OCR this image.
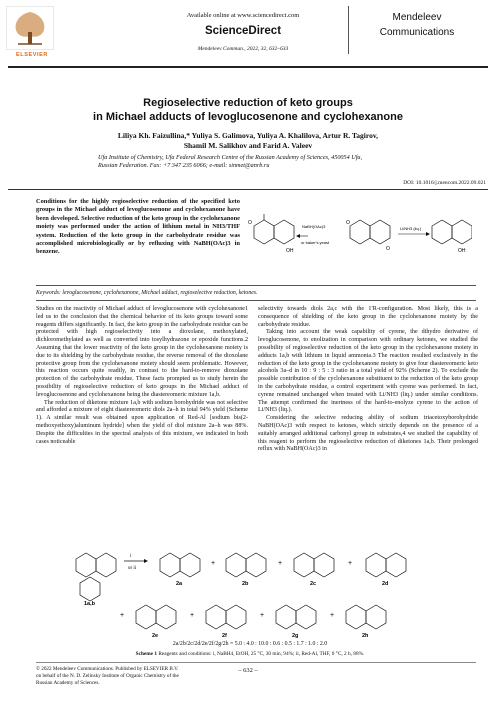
ELSEVIER
Available online at www.sciencedirect.com
ScienceDirect
Mendeleev Commun., 2022, 32, 632–633
Mendeleev
Communications
Regioselective reduction of keto groups
in Michael adducts of levoglucosenone and cyclohexanone
Liliya Kh. Faizullina,* Yuliya S. Galimova, Yuliya A. Khalilova, Artur R. Tagirov,
Shamil M. Salikhov and Farid A. Valeev
Ufa Institute of Chemistry, Ufa Federal Research Centre of the Russian Academy of Sciences, 450054 Ufa,
Russian Federation. Fax: +7 347 235 6066; e-mail: sinmet@anrb.ru
DOI: 10.1016/j.mencom.2022.09.021
Conditions for the highly regioselective reduction of the specified keto groups in the Michael adduct of levoglucosenone and cyclohexanone have been developed. Selective reduction of the keto group in the cyclohexanone moiety was performed under the action of lithium metal in NH3/THF system. Reduction of the keto group in the carbohydrate residue was accomplished microbiologically or by refluxing with NaBH(OAc)3 in benzene.
O
OH
NaBH(OAc)3
or baker's yeast
O
O
Li/NH3 (liq.)
OH
Keywords: levoglucosenone, cyclohexanone, Michael adduct, regioselective reduction, ketones.

Studies on the reactivity of Michael adduct of levoglucosenone with cyclohexanone1 led us to the conclusion that the chemical behavior of its keto groups toward some reagents differs significantly. In fact, the keto group in the carbohydrate residue can be protected with high regioselectivity into a dioxolane, methoxylated, dichloromethylated as well as converted into tosylhydrazone or epoxide functions.2 Assuming that the lower reactivity of the keto group in the cyclohexanone moiety is due to its shielding by the carbohydrate residue, the reverse removal of the dioxolane protective group from the cyclohexanone moiety should seem problematic. However, this reaction occurs quite readily, in contrast to the hard-to-remove dioxolane protection of the carbohydrate residue. These facts prompted us to study herein the possibility of regioselective reduction of keto groups in the Michael adduct of levoglucosenone and cyclohexanone being the diastereomeric mixture 1a,b.

The reduction of diketone mixture 1a,b with sodium borohydride was not selective and afforded a mixture of eight diastereomeric diols 2a–h in total 94% yield (Scheme 1). A similar result was obtained upon application of Red-Al [sodium bis(2-methoxyethoxy)aluminum hydride] when the yield of diol mixture 2a–h was 88%. Despite the difficulties in the spectral analysis of this mixture, we indicated in both cases noticeable

selectivity towards diols 2a,c with the 1′R-configuration. Most likely, this is a consequence of shielding of the keto group in the cyclohexanone moiety by the carbohydrate residue.

Taking into account the weak capability of cyrene, the dihydro derivative of levoglucosenone, to enolization in comparison with ordinary ketones, we studied the possibility of regioselective reduction of the keto group in the cyclohexanone moiety in adducts 1a,b with lithium in liquid ammonia.3 The reaction resulted exclusively in the reduction of the keto group in the cyclohexanone moiety to give four diastereomeric keto alcohols 3a–d in 10 : 9 : 5 : 3 ratio in a total yield of 92% (Scheme 2). To exclude the possible contribution of the cyclohexanone substituent to the reduction of the keto group in the carbohydrate residue, a control experiment with cyrene was performed. In fact, cyrene remained unchanged when treated with Li/NH3 (liq.) under similar conditions. The attempt confirmed the inertness of the hard-to-enolyze cyrene to the action of Li/NH3 (liq.).

Considering the selective reducing ability of sodium triacetoxyborohydride NaBH(OAc)3 with respect to ketones, which strictly depends on the presence of a suitably arranged additional carbonyl group in substrates,4 we studied the capability of this reagent to perform the regioselective reduction of diketones 1a,b. Their prolonged reflux with NaBH(OAc)3 in

i
or ii
+	+	+
+	+	+	+
1a,b
2a	2b	2c	2d
2e	2f	2g	2h
2a/2b/2c/2d/2e/2f/2g/2h = 5.0 : 4.0 : 10.0 : 0.6 : 0.5 : 1.7 : 1.0 : 2.0
Scheme 1 Reagents and conditions: i, NaBH4, EtOH, 25 °C, 30 min, 94%; ii, Red-Al, THF, 0 °C, 2 h, 88%.
© 2022 Mendeleev Communications. Published by ELSEVIER B.V.
on behalf of the N. D. Zelinsky Institute of Organic Chemistry of the
Russian Academy of Sciences.
– 632 –
